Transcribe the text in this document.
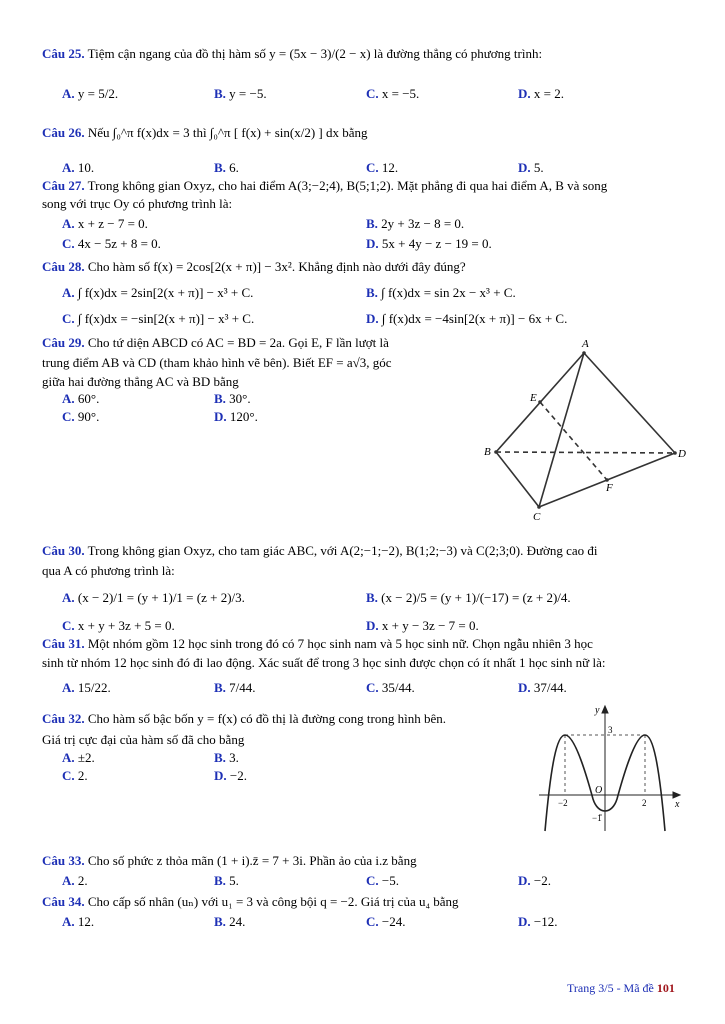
Câu 25. Tiệm cận ngang của đồ thị hàm số y = (5x − 3)/(2 − x) là đường thẳng có phương trình:
A. y = 5/2.	B. y = −5.	C. x = −5.	D. x = 2.
Câu 26. Nếu ∫₀^π f(x)dx = 3 thì ∫₀^π [ f(x) + sin(x/2) ] dx bằng
A. 10.	B. 6.	C. 12.	D. 5.
Câu 27. Trong không gian Oxyz, cho hai điểm A(3;−2;4), B(5;1;2). Mặt phẳng đi qua hai điểm A, B và song
song với trục Oy có phương trình là:
A. x + z − 7 = 0.	B. 2y + 3z − 8 = 0.
C. 4x − 5z + 8 = 0.	D. 5x + 4y − z − 19 = 0.
Câu 28. Cho hàm số f(x) = 2cos[2(x + π)] − 3x². Khẳng định nào dưới đây đúng?
A. ∫ f(x)dx = 2sin[2(x + π)] − x³ + C.	B. ∫ f(x)dx = sin 2x − x³ + C.
C. ∫ f(x)dx = −sin[2(x + π)] − x³ + C.	D. ∫ f(x)dx = −4sin[2(x + π)] − 6x + C.
Câu 29. Cho tứ diện ABCD có AC = BD = 2a. Gọi E, F lần lượt là
trung điểm AB và CD (tham khảo hình vẽ bên). Biết EF = a√3, góc
giữa hai đường thẳng AC và BD bằng
A. 60°.	B. 30°.
C. 90°.	D. 120°.
A
B
C
D
E
F
Câu 30. Trong không gian Oxyz, cho tam giác ABC, với A(2;−1;−2), B(1;2;−3) và C(2;3;0). Đường cao đi
qua A có phương trình là:
A. (x − 2)/1 = (y + 1)/1 = (z + 2)/3.	B. (x − 2)/5 = (y + 1)/(−17) = (z + 2)/4.
C. x + y + 3z + 5 = 0.	D. x + y − 3z − 7 = 0.
Câu 31. Một nhóm gồm 12 học sinh trong đó có 7 học sinh nam và 5 học sinh nữ. Chọn ngẫu nhiên 3 học
sinh từ nhóm 12 học sinh đó đi lao động. Xác suất để trong 3 học sinh được chọn có ít nhất 1 học sinh nữ là:
A. 15/22.	B. 7/44.	C. 35/44.	D. 37/44.
Câu 32. Cho hàm số bậc bốn y = f(x) có đồ thị là đường cong trong hình bên.
Giá trị cực đại của hàm số đã cho bằng
A. ±2.	B. 3.
C. 2.	D. −2.
y
x
O
3
−1
−2	2
Câu 33. Cho số phức z thỏa mãn (1 + i).z̄ = 7 + 3i. Phần ảo của i.z bằng
A. 2.	B. 5.	C. −5.	D. −2.
Câu 34. Cho cấp số nhân (uₙ) với u₁ = 3 và công bội q = −2. Giá trị của u₄ bằng
A. 12.	B. 24.	C. −24.	D. −12.
Trang 3/5 - Mã đề 101
